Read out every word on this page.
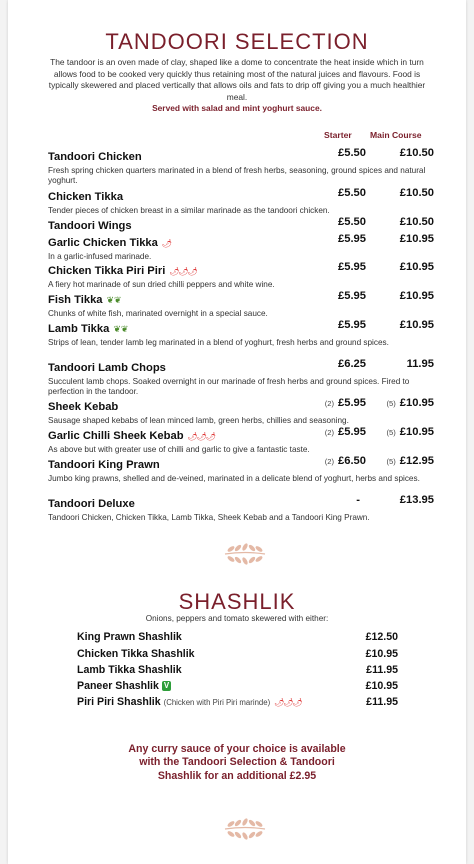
TANDOORI SELECTION
The tandoor is an oven made of clay, shaped like a dome to concentrate the heat inside which in turn allows food to be cooked very quickly thus retaining most of the natural juices and flavours. Food is typically skewered and placed vertically that allows oils and fats to drip off giving you a much healthier meal.
Served with salad and mint yoghurt sauce.
Starter Main Course
Tandoori Chicken
Fresh spring chicken quarters marinated in a blend of fresh herbs, seasoning, ground spices and natural yoghurt.
£5.50	£10.50
Chicken Tikka
Tender pieces of chicken breast in a similar marinade as the tandoori chicken.
£5.50	£10.50
Tandoori Wings	£5.50	£10.50
Garlic Chicken Tikka 🌶
In a garlic-infused marinade.
£5.95	£10.95
Chicken Tikka Piri Piri 🌶🌶🌶
A fiery hot marinade of sun dried chilli peppers and white wine.
£5.95	£10.95
Fish Tikka ❦❦
Chunks of white fish, marinated overnight in a special sauce.
£5.95	£10.95
Lamb Tikka ❦❦
Strips of lean, tender lamb leg marinated in a blend of yoghurt, fresh herbs and ground spices.
£5.95	£10.95
Tandoori Lamb Chops
Succulent lamb chops. Soaked overnight in our marinade of fresh herbs and ground spices. Fired to perfection in the tandoor.
£6.25	11.95
Sheek Kebab
Sausage shaped kebabs of lean minced lamb, green herbs, chillies and seasoning.
(2) £5.95	(5) £10.95
Garlic Chilli Sheek Kebab 🌶🌶🌶
As above but with greater use of chilli and garlic to give a fantastic taste.
(2) £5.95	(5) £10.95
Tandoori King Prawn
Jumbo king prawns, shelled and de-veined, marinated in a delicate blend of yoghurt, herbs and spices.
(2) £6.50	(5) £12.95
Tandoori Deluxe
Tandoori Chicken, Chicken Tikka, Lamb Tikka, Sheek Kebab and a Tandoori King Prawn.
-	£13.95
SHASHLIK
Onions, peppers and tomato skewered with either:
King Prawn Shashlik	£12.50
Chicken Tikka Shashlik	£10.95
Lamb Tikka Shashlik	£11.95
Paneer Shashlik V	£10.95
Piri Piri Shashlik (Chicken with Piri Piri marinde) 🌶🌶🌶	£11.95
Any curry sauce of your choice is available
with the Tandoori Selection & Tandoori
Shashlik for an additional £2.95
